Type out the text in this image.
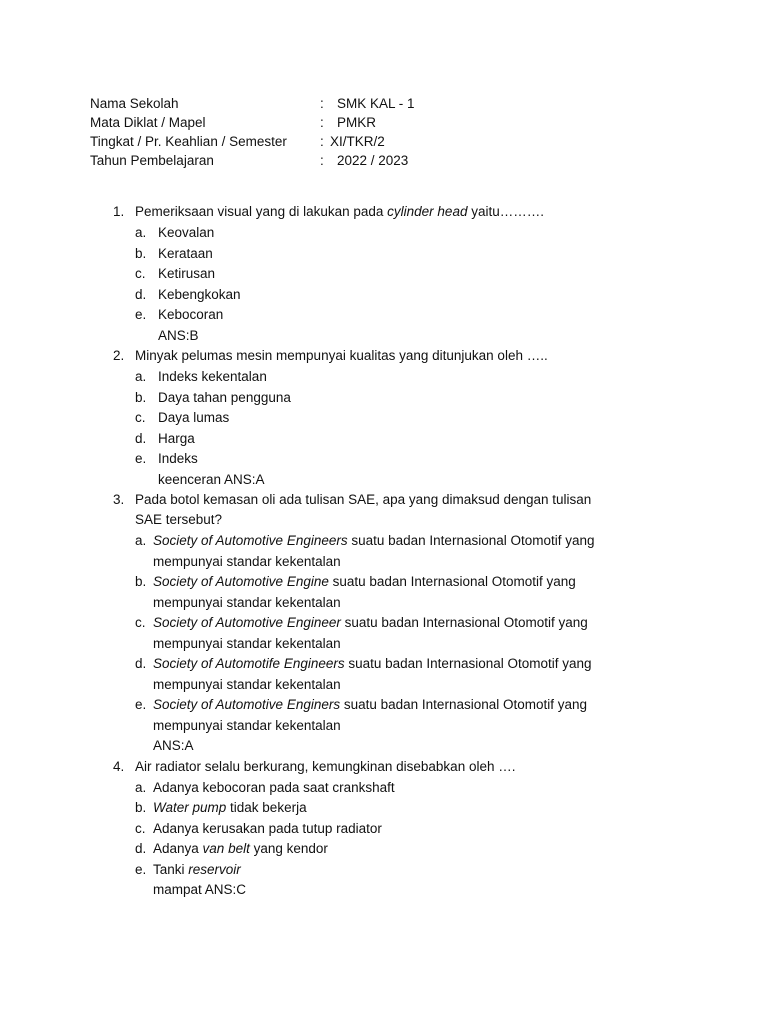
Nama Sekolah	: SMK KAL - 1
Mata Diklat / Mapel	: PMKR
Tingkat / Pr. Keahlian / Semester : XI/TKR/2
Tahun Pembelajaran	: 2022 / 2023
1. Pemeriksaan visual yang di lakukan pada cylinder head yaitu……….
a. Keovalan
b. Kerataan
c. Ketirusan
d. Kebengkokan
e. Kebocoran
ANS:B
2. Minyak pelumas mesin mempunyai kualitas yang ditunjukan oleh …..
a. Indeks kekentalan
b. Daya tahan pengguna
c. Daya lumas
d. Harga
e. Indeks
keenceran ANS:A
3. Pada botol kemasan oli ada tulisan SAE, apa yang dimaksud dengan tulisan SAE tersebut?
a. Society of Automotive Engineers suatu badan Internasional Otomotif yang mempunyai standar kekentalan
b. Society of Automotive Engine suatu badan Internasional Otomotif yang mempunyai standar kekentalan
c. Society of Automotive Engineer suatu badan Internasional Otomotif yang mempunyai standar kekentalan
d. Society of Automotife Engineers suatu badan Internasional Otomotif yang mempunyai standar kekentalan
e. Society of Automotive Enginers suatu badan Internasional Otomotif yang mempunyai standar kekentalan
ANS:A
4. Air radiator selalu berkurang, kemungkinan disebabkan oleh ….
a. Adanya kebocoran pada saat crankshaft
b. Water pump tidak bekerja
c. Adanya kerusakan pada tutup radiator
d. Adanya van belt yang kendor
e. Tanki reservoir
mampat ANS:C
